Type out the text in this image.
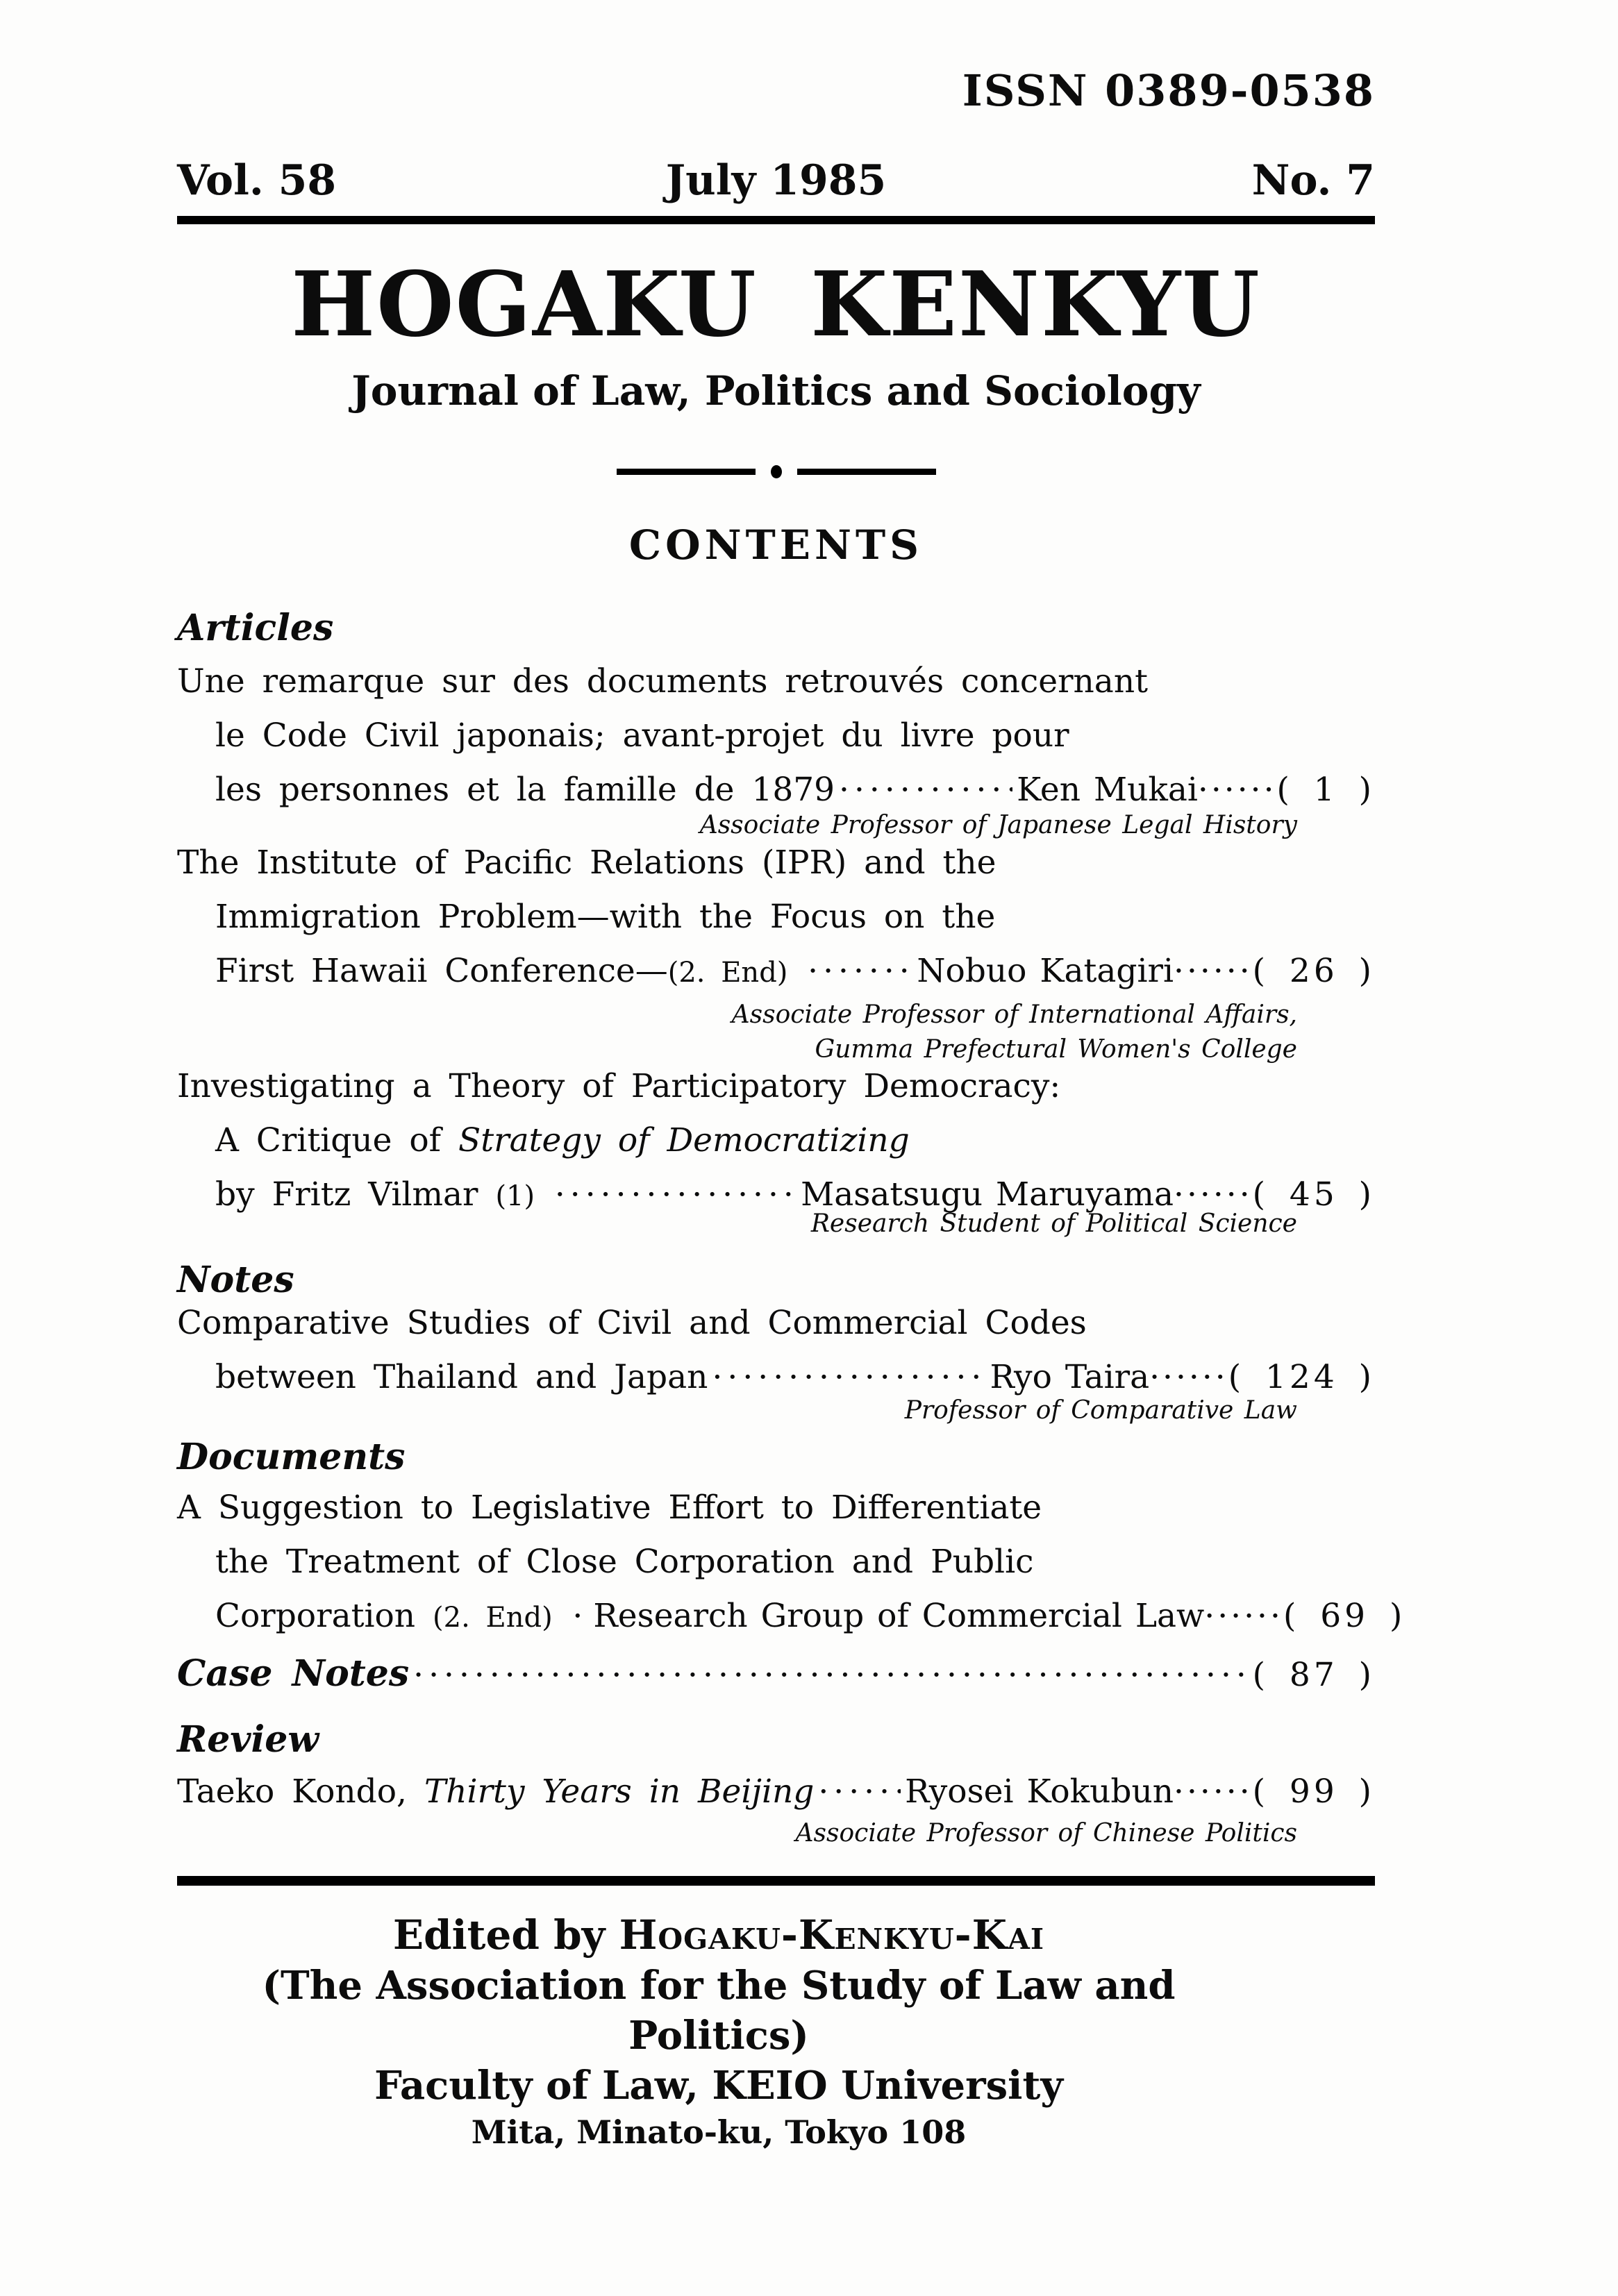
ISSN 0389-0538
Vol. 58	July 1985	No. 7
HOGAKU KENKYU
Journal of Law, Politics and Sociology
CONTENTS
Articles
Une remarque sur des documents retrouvés concernant
le Code Civil japonais; avant-projet du livre pour
les personnes et la famille de 1879 ·····	Ken Mukai ······ ( 1 )
Associate Professor of Japanese Legal History
The Institute of Pacific Relations (IPR) and the
Immigration Problem—with the Focus on the
First Hawaii Conference— (2. End) ·····	Nobuo Katagiri ······ ( 26 )
Associate Professor of International Affairs,
Gumma Prefectural Women's College
Investigating a Theory of Participatory Democracy:
A Critique of Strategy of Democratizing
by Fritz Vilmar (1) ·····	Masatsugu Maruyama ······ ( 45 )
Research Student of Political Science
Notes
Comparative Studies of Civil and Commercial Codes
between Thailand and Japan ·····	Ryo Taira ······ ( 124 )
Professor of Comparative Law
Documents
A Suggestion to Legislative Effort to Differentiate
the Treatment of Close Corporation and Public
Corporation (2. End) ····· Research Group of Commercial Law ······ ( 69 )
Case Notes ·····	( 87 )
Review
Taeko Kondo, Thirty Years in Beijing ·····	Ryosei Kokubun ······ ( 99 )
Associate Professor of Chinese Politics
Edited by Hogaku-Kenkyu-Kai
(The Association for the Study of Law and Politics)
Faculty of Law, KEIO University
Mita, Minato-ku, Tokyo 108
